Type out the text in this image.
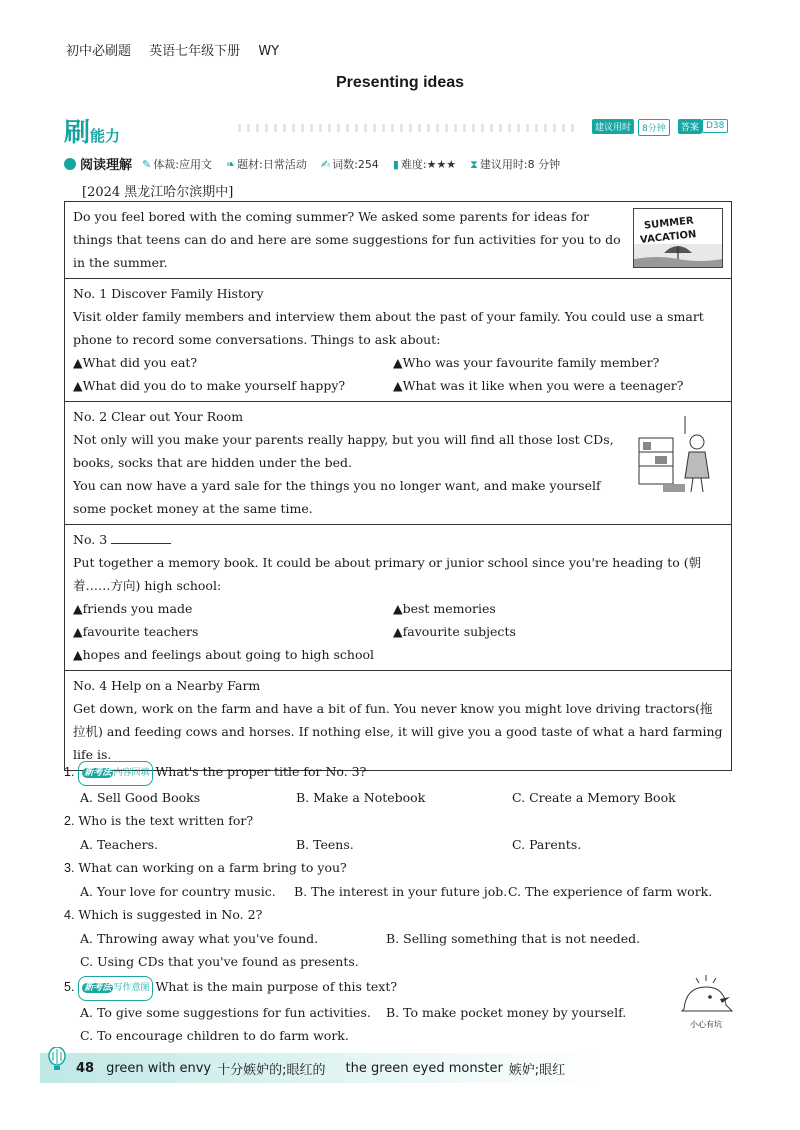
初中必刷题 英语七年级下册 WY
Presenting ideas
刷能力	建议用时	8分钟	答案 D38
阅读理解 ✎ 体裁:应用文 ❧ 题材:日常活动 ✍ 词数:254 ▮ 难度:★★★ ⧗ 建议用时:8 分钟
[2024 黑龙江哈尔滨期中]
Do you feel bored with the coming summer? We asked some parents for ideas for things that teens can do and here are some suggestions for fun activities for you to do in the summer.
SUMMER
VACATION
No. 1 Discover Family History
Visit older family members and interview them about the past of your family. You could use a smart phone to record some conversations. Things to ask about:
▲What did you eat?	▲Who was your favourite family member?
▲What did you do to make yourself happy?	▲What was it like when you were a teenager?
No. 2 Clear out Your Room
Not only will you make your parents really happy, but you will find all those lost CDs, books, socks that are hidden under the bed.
You can now have a yard sale for the things you no longer want, and make yourself some pocket money at the same time.
No. 3
Put together a memory book. It could be about primary or junior school since you're heading to (朝着……方向) high school:
▲friends you made	▲best memories
▲favourite teachers	▲favourite subjects
▲hopes and feelings about going to high school
No. 4 Help on a Nearby Farm
Get down, work on the farm and have a bit of fun. You never know you might love driving tractors(拖拉机) and feeding cows and horses. If nothing else, it will give you a good taste of what a hard farming life is.
1. 新考法 内容回填 What's the proper title for No. 3?
A. Sell Good Books	B. Make a Notebook	C. Create a Memory Book
2. Who is the text written for?
A. Teachers.	B. Teens.	C. Parents.
3. What can working on a farm bring to you?
A. Your love for country music.	B. The interest in your future job. C. The experience of farm work.
4. Which is suggested in No. 2?
A. Throwing away what you've found.	B. Selling something that is not needed.
C. Using CDs that you've found as presents.
5. 新考法 写作意图 What is the main purpose of this text?
A. To give some suggestions for fun activities.	B. To make pocket money by yourself.
C. To encourage children to do farm work.
小心有坑
48 green with envy 十分嫉妒的;眼红的 the green eyed monster 嫉妒;眼红
